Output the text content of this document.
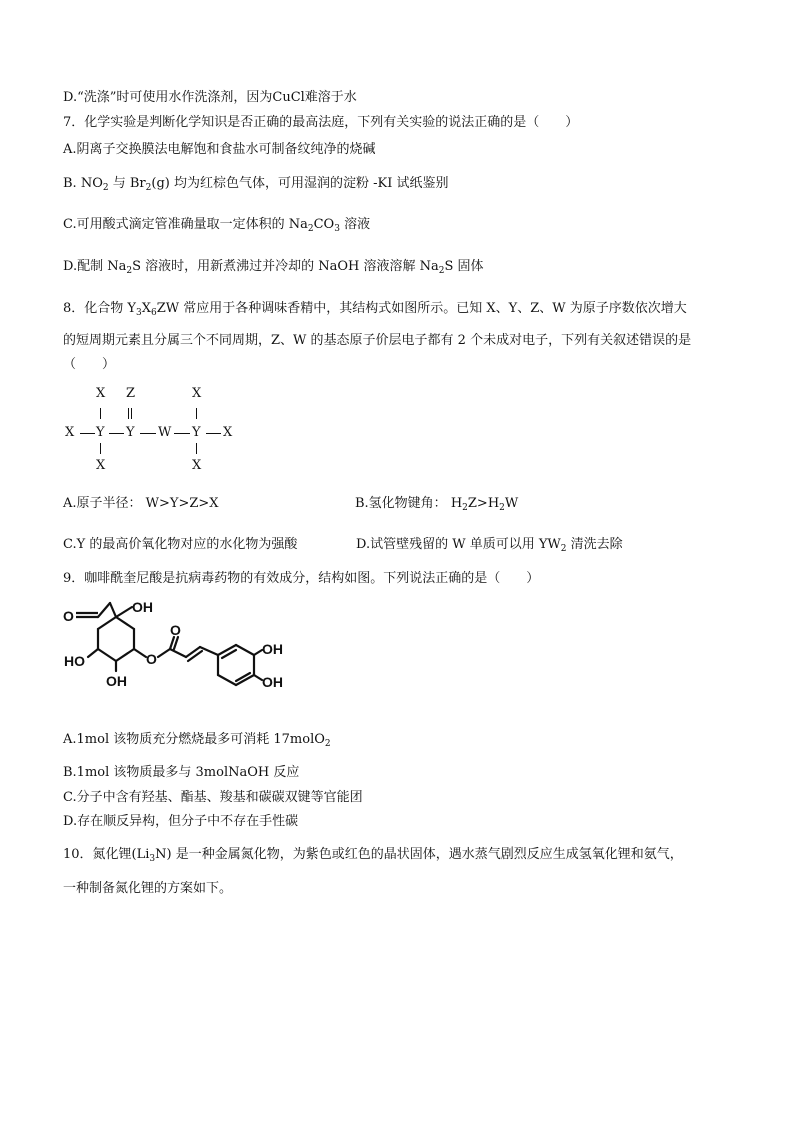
D.“洗涤”时可使用水作洗涤剂，因为CuCl难溶于水
7．化学实验是判断化学知识是否正确的最高法庭，下列有关实验的说法正确的是（　　）
A.阴离子交换膜法电解饱和食盐水可制备纹纯净的烧碱
B. $NO_2$ 与 $Br_2(g)$ 均为红棕色气体，可用湿润的淀粉 -KI 试纸鉴别
C.可用酸式滴定管准确量取一定体积的 $Na_2CO_3$ 溶液
D.配制 $Na_2S$ 溶液时，用新煮沸过并冷却的 NaOH 溶液溶解 $Na_2S$ 固体
8．化合物 $Y_3X_6ZW$ 常应用于各种调味香精中，其结构式如图所示。已知 X、Y、Z、W 为原子序数依次增大
的短周期元素且分属三个不同周期，Z、W 的基态原子价层电子都有 2 个未成对电子，下列有关叙述错误的是
（　　）
X Z	X
X Y Y W Y X
X	X
A.原子半径： W>Y>Z>X	B.氢化物键角： $H_2Z>H_2W$
C.Y 的最高价氧化物对应的水化物为强酸	D.试管壁残留的 W 单质可以用 $YW_2$ 清洗去除
9．咖啡酰奎尼酸是抗病毒药物的有效成分，结构如图。下列说法正确的是（　　）
O
OH
HO
OH
O
O
OH
OH
A.1mol 该物质充分燃烧最多可消耗 17molO$_2$
B.1mol 该物质最多与 3molNaOH 反应
C.分子中含有羟基、酯基、羧基和碳碳双键等官能团
D.存在顺反异构，但分子中不存在手性碳
10．氮化锂$(Li_3N)$ 是一种金属氮化物，为紫色或红色的晶状固体，遇水蒸气剧烈反应生成氢氧化锂和氨气，
一种制备氮化锂的方案如下。
